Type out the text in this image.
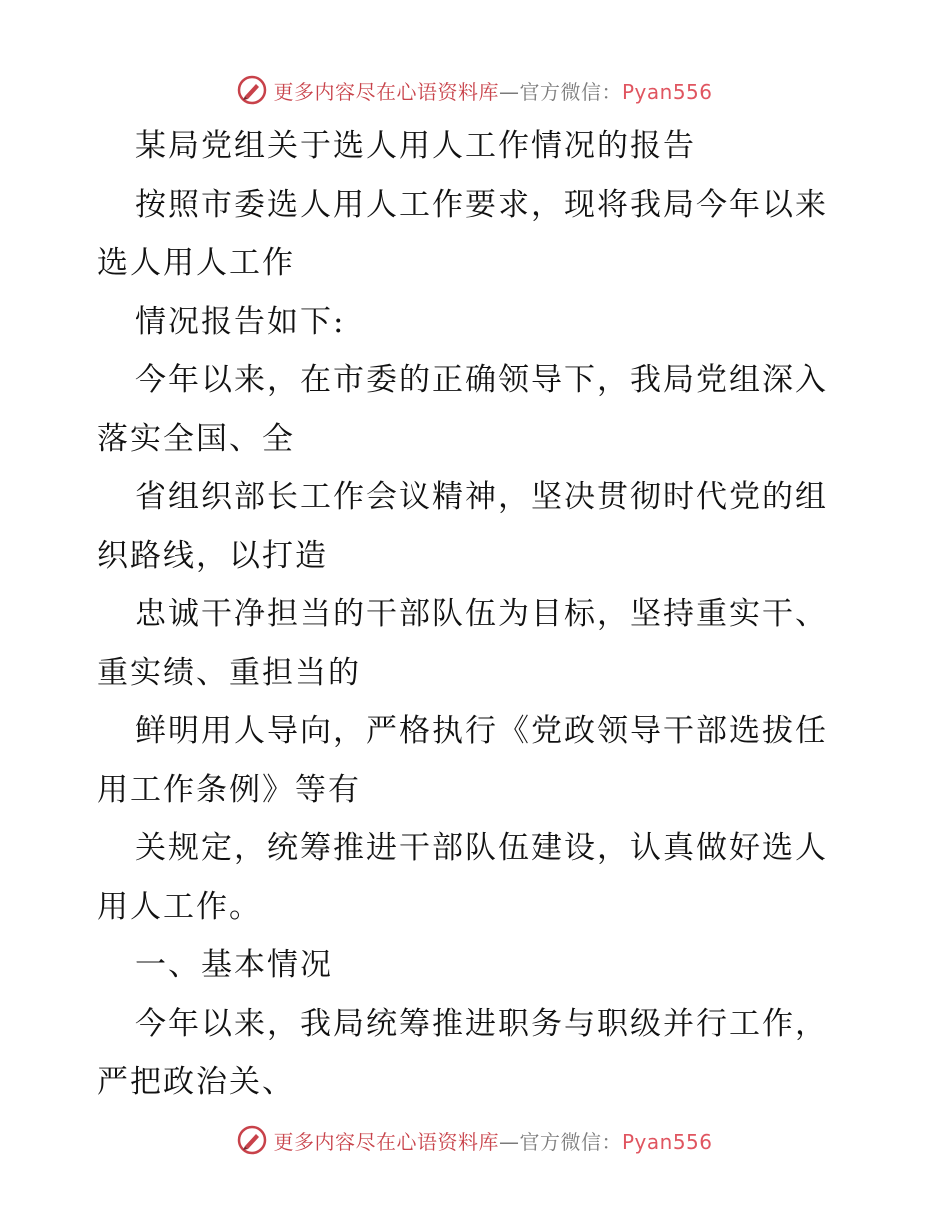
更多内容尽在心语资料库—官方微信：Pyan556
某局党组关于选人用人工作情况的报告
按照市委选人用人工作要求，现将我局今年以来
选人用人工作
情况报告如下:
今年以来，在市委的正确领导下，我局党组深入
落实全国、全
省组织部长工作会议精神，坚决贯彻时代党的组
织路线，以打造
忠诚干净担当的干部队伍为目标，坚持重实干、
重实绩、重担当的
鲜明用人导向，严格执行《党政领导干部选拔任
用工作条例》等有
关规定，统筹推进干部队伍建设，认真做好选人
用人工作。
一、基本情况
今年以来，我局统筹推进职务与职级并行工作，
严把政治关、
更多内容尽在心语资料库—官方微信：Pyan556
